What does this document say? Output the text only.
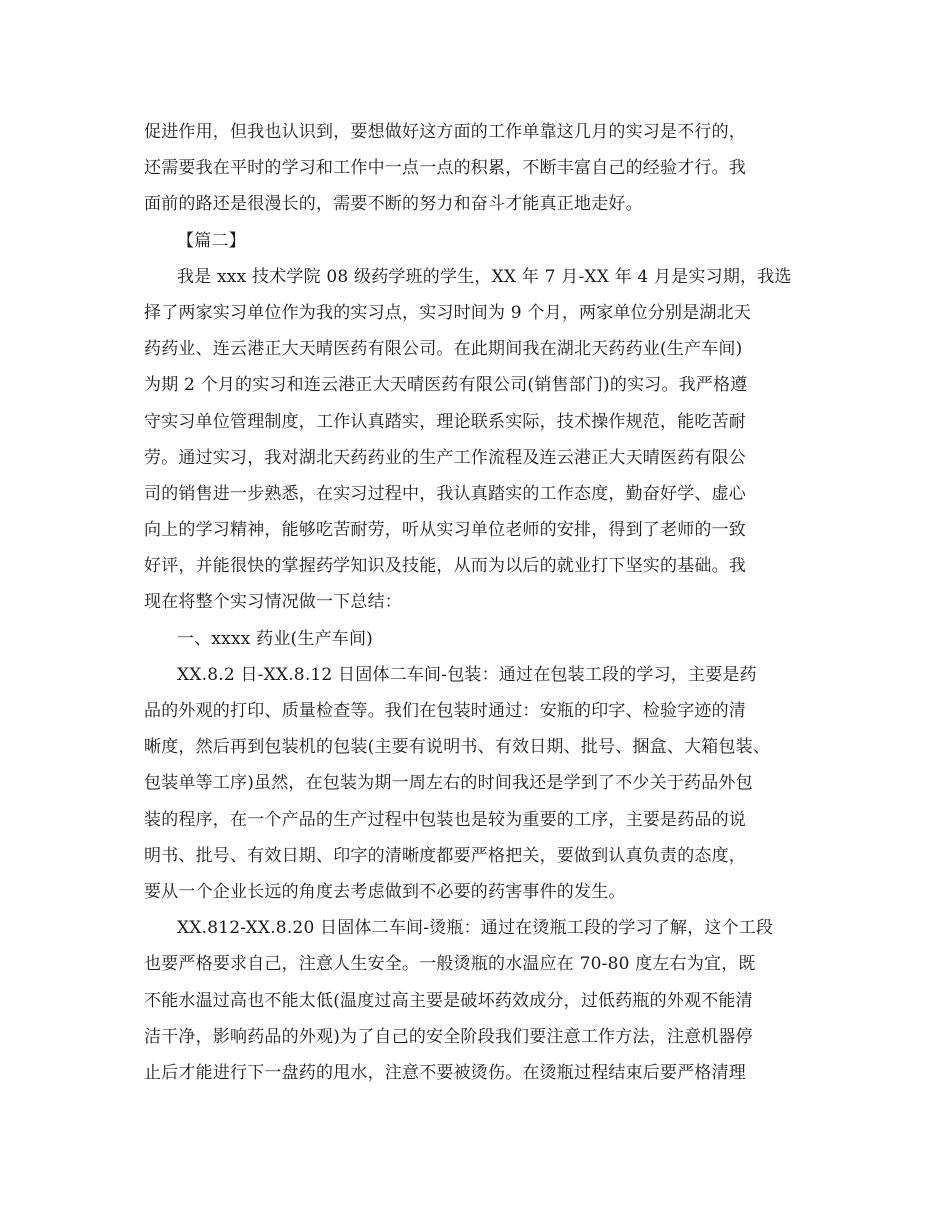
促进作用，但我也认识到，要想做好这方面的工作单靠这几月的实习是不行的，
还需要我在平时的学习和工作中一点一点的积累，不断丰富自己的经验才行。我
面前的路还是很漫长的，需要不断的努力和奋斗才能真正地走好。
【篇二】
我是 xxx 技术学院 08 级药学班的学生，XX 年 7 月-XX 年 4 月是实习期，我选
择了两家实习单位作为我的实习点，实习时间为 9 个月，两家单位分别是湖北天
药药业、连云港正大天晴医药有限公司。在此期间我在湖北天药药业(生产车间)
为期 2 个月的实习和连云港正大天晴医药有限公司(销售部门)的实习。我严格遵
守实习单位管理制度，工作认真踏实，理论联系实际，技术操作规范，能吃苦耐
劳。通过实习，我对湖北天药药业的生产工作流程及连云港正大天晴医药有限公
司的销售进一步熟悉，在实习过程中，我认真踏实的工作态度，勤奋好学、虚心
向上的学习精神，能够吃苦耐劳，听从实习单位老师的安排，得到了老师的一致
好评，并能很快的掌握药学知识及技能，从而为以后的就业打下坚实的基础。我
现在将整个实习情况做一下总结：
一、xxxx 药业(生产车间)
XX.8.2 日-XX.8.12 日固体二车间-包装：通过在包装工段的学习，主要是药
品的外观的打印、质量检查等。我们在包装时通过：安瓶的印字、检验字迹的清
晰度，然后再到包装机的包装(主要有说明书、有效日期、批号、捆盒、大箱包装、
包装单等工序)虽然，在包装为期一周左右的时间我还是学到了不少关于药品外包
装的程序，在一个产品的生产过程中包装也是较为重要的工序，主要是药品的说
明书、批号、有效日期、印字的清晰度都要严格把关，要做到认真负责的态度，
要从一个企业长远的角度去考虑做到不必要的药害事件的发生。
XX.812-XX.8.20 日固体二车间-烫瓶：通过在烫瓶工段的学习了解，这个工段
也要严格要求自己，注意人生安全。一般烫瓶的水温应在 70-80 度左右为宜，既
不能水温过高也不能太低(温度过高主要是破坏药效成分，过低药瓶的外观不能清
洁干净，影响药品的外观)为了自己的安全阶段我们要注意工作方法，注意机器停
止后才能进行下一盘药的甩水，注意不要被烫伤。在烫瓶过程结束后要严格清理
